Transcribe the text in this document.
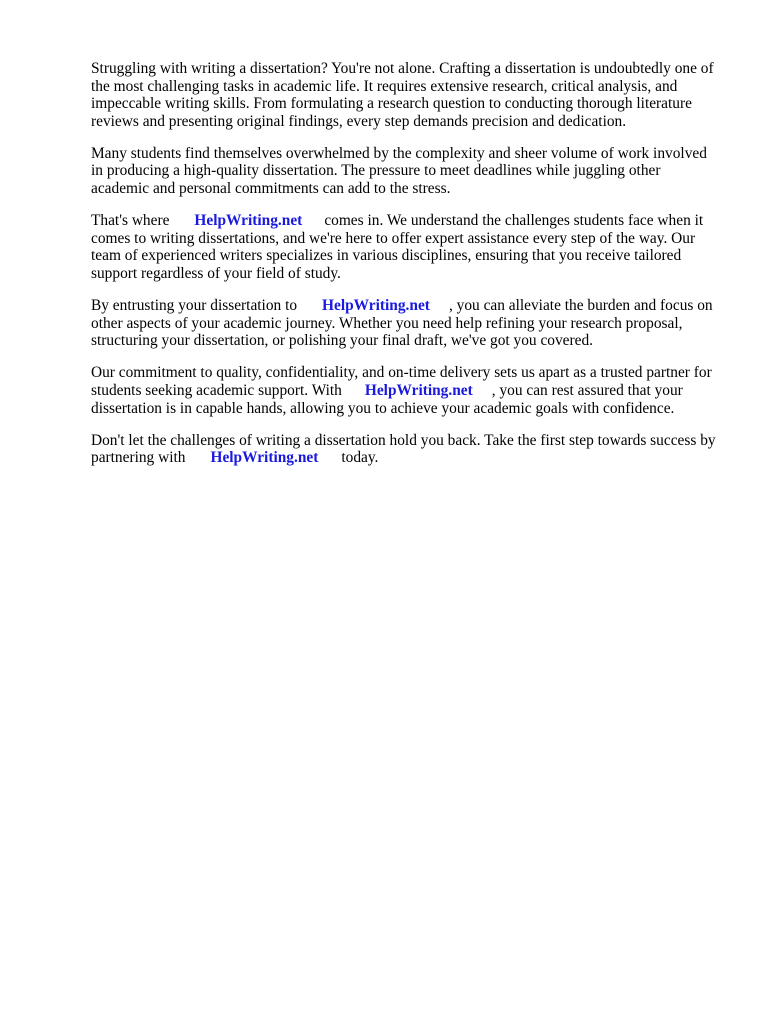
Struggling with writing a dissertation? You're not alone. Crafting a dissertation is undoubtedly one of
the most challenging tasks in academic life. It requires extensive research, critical analysis, and
impeccable writing skills. From formulating a research question to conducting thorough literature
reviews and presenting original findings, every step demands precision and dedication.

Many students find themselves overwhelmed by the complexity and sheer volume of work involved
in producing a high-quality dissertation. The pressure to meet deadlines while juggling other
academic and personal commitments can add to the stress.

That's where HelpWriting.net comes in. We understand the challenges students face when it
comes to writing dissertations, and we're here to offer expert assistance every step of the way. Our
team of experienced writers specializes in various disciplines, ensuring that you receive tailored
support regardless of your field of study.

By entrusting your dissertation to HelpWriting.net , you can alleviate the burden and focus on
other aspects of your academic journey. Whether you need help refining your research proposal,
structuring your dissertation, or polishing your final draft, we've got you covered.

Our commitment to quality, confidentiality, and on-time delivery sets us apart as a trusted partner for
students seeking academic support. With HelpWriting.net , you can rest assured that your
dissertation is in capable hands, allowing you to achieve your academic goals with confidence.

Don't let the challenges of writing a dissertation hold you back. Take the first step towards success by
partnering with HelpWriting.net today.
